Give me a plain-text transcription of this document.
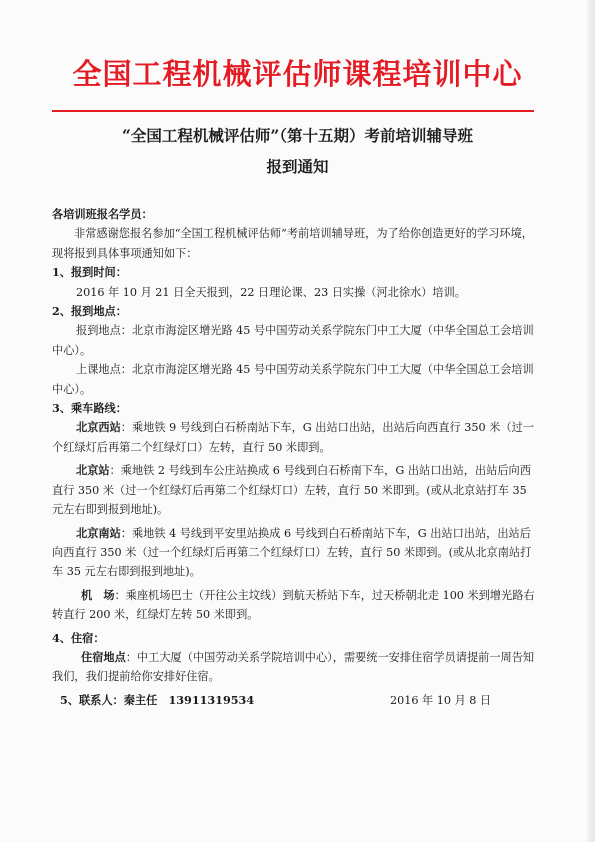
全国工程机械评估师课程培训中心
“全国工程机械评估师”（第十五期）考前培训辅导班
报到通知

各培训班报名学员：

非常感谢您报名参加“全国工程机械评估师”考前培训辅导班，为了给你创造更好的学习环境，现将报到具体事项通知如下：

1、报到时间：

2016 年 10 月 21 日全天报到，22 日理论课、23 日实操（河北徐水）培训。

2、报到地点：

报到地点：北京市海淀区增光路 45 号中国劳动关系学院东门中工大厦（中华全国总工会培训中心）。

上课地点：北京市海淀区增光路 45 号中国劳动关系学院东门中工大厦（中华全国总工会培训中心）。

3、乘车路线：

北京西站：乘地铁 9 号线到白石桥南站下车，G 出站口出站，出站后向西直行 350 米（过一个红绿灯后再第二个红绿灯口）左转，直行 50 米即到。

北京站：乘地铁 2 号线到车公庄站换成 6 号线到白石桥南下车，G 出站口出站，出站后向西直行 350 米（过一个红绿灯后再第二个红绿灯口）左转，直行 50 米即到。(或从北京站打车 35 元左右即到报到地址)。

北京南站：乘地铁 4 号线到平安里站换成 6 号线到白石桥南站下车，G 出站口出站，出站后向西直行 350 米（过一个红绿灯后再第二个红绿灯口）左转，直行 50 米即到。(或从北京南站打车 35 元左右即到报到地址)。

机　场：乘座机场巴士（开往公主坟线）到航天桥站下车，过天桥朝北走 100 米到增光路右转直行 200 米，红绿灯左转 50 米即到。

4、住宿：

住宿地点：中工大厦（中国劳动关系学院培训中心），需要统一安排住宿学员请提前一周告知我们，我们提前给你安排好住宿。

5、联系人：秦主任　13911319534	2016 年 10 月 8 日
